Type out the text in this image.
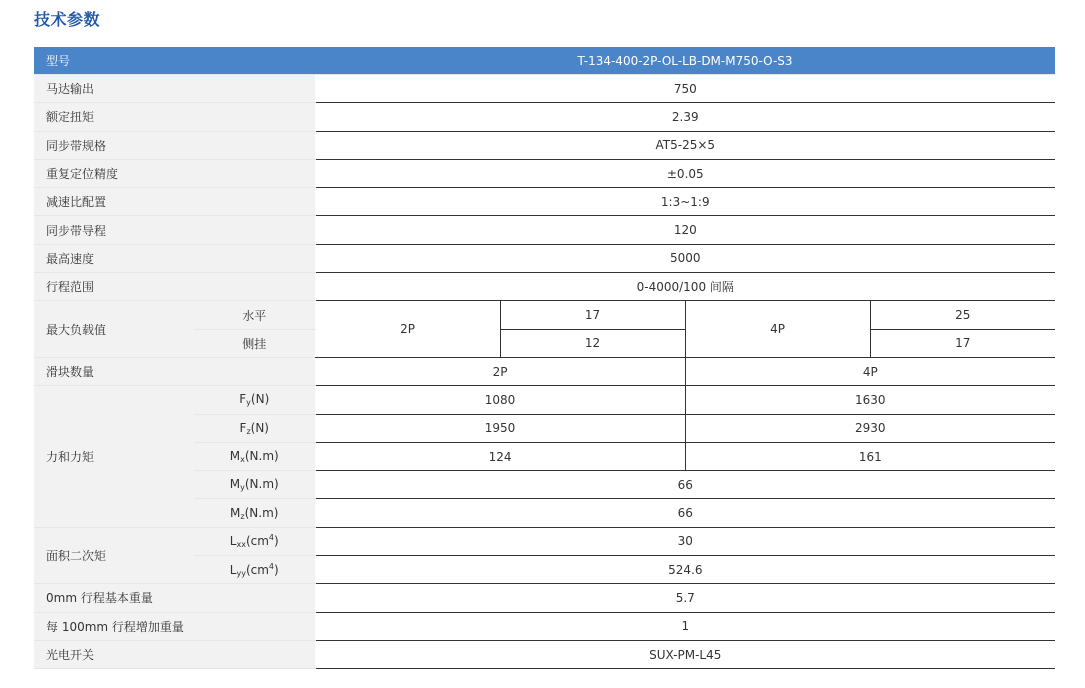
技术参数
型号		T-134-400-2P-OL-LB-DM-M750-O-S3			
马达输出		750			
额定扭矩		2.39			
同步带规格		AT5-25×5			
重复定位精度		±0.05			
减速比配置		1:3~1:9			
同步带导程		120			
最高速度		5000			
行程范围		0-4000/100 间隔			
最大负载值	水平	2P	17	4P	25
	侧挂		12		17
滑块数量		2P		4P	
力和力矩	$F_y(N)$	1080		1630	
	$F_z(N)$	1950		2930	
	$M_x(N.m)$	124		161	
	$M_y(N.m)$	66			
	$M_z(N.m)$	66			
面积二次矩	$L_{xx}(cm^4)$	30			
	$L_{yy}(cm^4)$	524.6			
0mm 行程基本重量		5.7			
每 100mm 行程增加重量		1			
光电开关		SUX-PM-L45			
